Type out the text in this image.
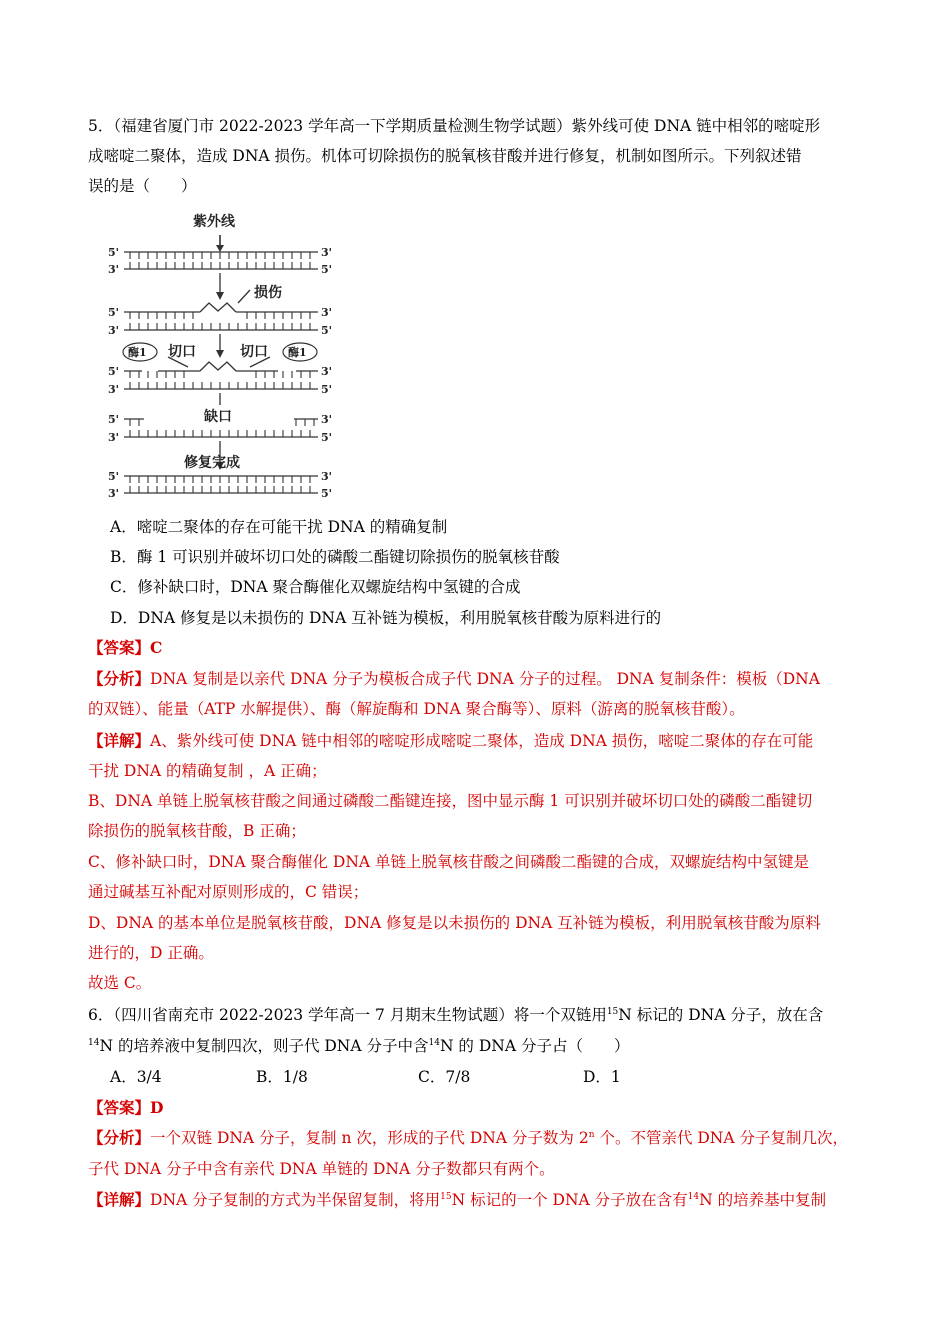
5．（福建省厦门市 2022-2023 学年高一下学期质量检测生物学试题）紫外线可使 DNA 链中相邻的嘧啶形
成嘧啶二聚体，造成 DNA 损伤。机体可切除损伤的脱氧核苷酸并进行修复，机制如图所示。下列叙述错
误的是（　　）
紫外线
损伤
切口	切口
缺口
修复完成
酶1	酶1
5'	3'
3'	5'
5'	3'
3'	5'
5'	3'
3'	5'
5'	3'
3'	5'
5'	3'
3'	5'
A．嘧啶二聚体的存在可能干扰 DNA 的精确复制
B．酶 1 可识别并破坏切口处的磷酸二酯键切除损伤的脱氧核苷酸
C．修补缺口时，DNA 聚合酶催化双螺旋结构中氢键的合成
D．DNA 修复是以未损伤的 DNA 互补链为模板，利用脱氧核苷酸为原料进行的
【答案】C
【分析】DNA 复制是以亲代 DNA 分子为模板合成子代 DNA 分子的过程。 DNA 复制条件：模板（DNA
的双链）、能量（ATP 水解提供）、酶（解旋酶和 DNA 聚合酶等）、原料（游离的脱氧核苷酸）。
【详解】A、紫外线可使 DNA 链中相邻的嘧啶形成嘧啶二聚体，造成 DNA 损伤，嘧啶二聚体的存在可能
干扰 DNA 的精确复制 ，A 正确；
B、DNA 单链上脱氧核苷酸之间通过磷酸二酯键连接，图中显示酶 1 可识别并破坏切口处的磷酸二酯键切
除损伤的脱氧核苷酸，B 正确；
C、修补缺口时，DNA 聚合酶催化 DNA 单链上脱氧核苷酸之间磷酸二酯键的合成，双螺旋结构中氢键是
通过碱基互补配对原则形成的，C 错误；
D、DNA 的基本单位是脱氧核苷酸，DNA 修复是以未损伤的 DNA 互补链为模板，利用脱氧核苷酸为原料
进行的，D 正确。
故选 C。
6．（四川省南充市 2022-2023 学年高一 7 月期末生物试题）将一个双链用$^{15}$N 标记的 DNA 分子，放在含
$^{14}$N 的培养液中复制四次，则子代 DNA 分子中含$^{14}$N 的 DNA 分子占（　　）
A．3/4	B．1/8	C．7/8	D．1
【答案】D
【分析】一个双链 DNA 分子，复制 n 次，形成的子代 DNA 分子数为 2$^n$ 个。不管亲代 DNA 分子复制几次，
子代 DNA 分子中含有亲代 DNA 单链的 DNA 分子数都只有两个。
【详解】DNA 分子复制的方式为半保留复制，将用$^{15}$N 标记的一个 DNA 分子放在含有$^{14}$N 的培养基中复制
